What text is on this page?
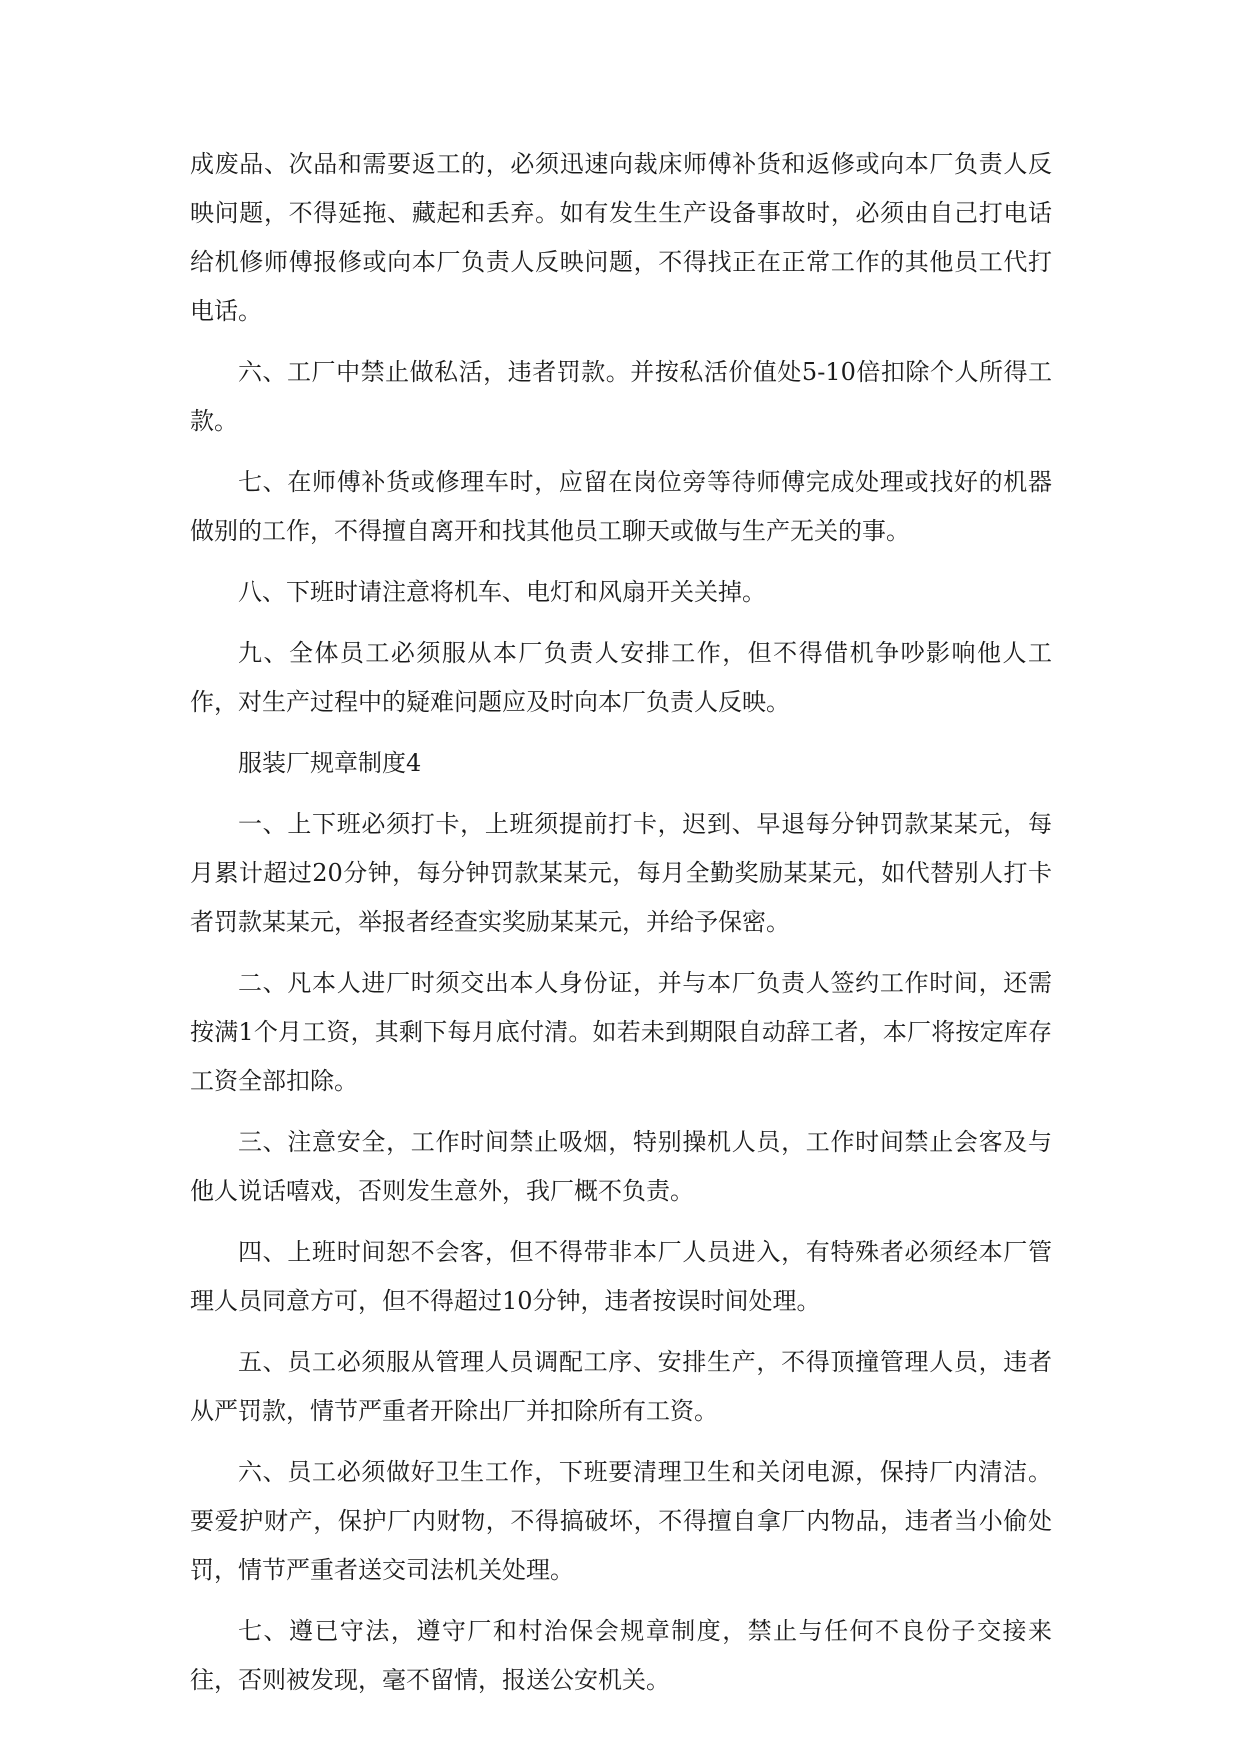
成废品、次品和需要返工的，必须迅速向裁床师傅补货和返修或向本厂负责人反映问题，不得延拖、藏起和丢弃。如有发生生产设备事故时，必须由自己打电话给机修师傅报修或向本厂负责人反映问题，不得找正在正常工作的其他员工代打电话。

六、工厂中禁止做私活，违者罚款。并按私活价值处5-10倍扣除个人所得工款。

七、在师傅补货或修理车时，应留在岗位旁等待师傅完成处理或找好的机器做别的工作，不得擅自离开和找其他员工聊天或做与生产无关的事。

八、下班时请注意将机车、电灯和风扇开关关掉。

九、全体员工必须服从本厂负责人安排工作，但不得借机争吵影响他人工作，对生产过程中的疑难问题应及时向本厂负责人反映。

服装厂规章制度4

一、上下班必须打卡，上班须提前打卡，迟到、早退每分钟罚款某某元，每月累计超过20分钟，每分钟罚款某某元，每月全勤奖励某某元，如代替别人打卡者罚款某某元，举报者经查实奖励某某元，并给予保密。

二、凡本人进厂时须交出本人身份证，并与本厂负责人签约工作时间，还需按满1个月工资，其剩下每月底付清。如若未到期限自动辞工者，本厂将按定库存工资全部扣除。

三、注意安全，工作时间禁止吸烟，特别操机人员，工作时间禁止会客及与他人说话嘻戏，否则发生意外，我厂概不负责。

四、上班时间恕不会客，但不得带非本厂人员进入，有特殊者必须经本厂管理人员同意方可，但不得超过10分钟，违者按误时间处理。

五、员工必须服从管理人员调配工序、安排生产，不得顶撞管理人员，违者从严罚款，情节严重者开除出厂并扣除所有工资。

六、员工必须做好卫生工作，下班要清理卫生和关闭电源，保持厂内清洁。要爱护财产，保护厂内财物，不得搞破坏，不得擅自拿厂内物品，违者当小偷处罚，情节严重者送交司法机关处理。

七、遵已守法，遵守厂和村治保会规章制度，禁止与任何不良份子交接来往，否则被发现，毫不留情，报送公安机关。
